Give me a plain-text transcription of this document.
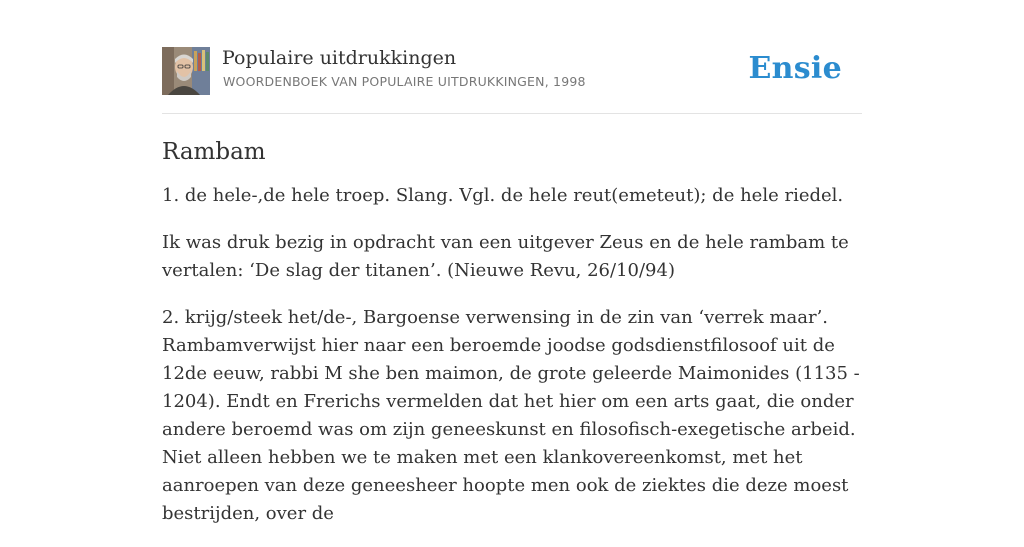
Populaire uitdrukkingen
WOORDENBOEK VAN POPULAIRE UITDRUKKINGEN, 1998	Ensie
Rambam

1. de hele-,de hele troep. Slang. Vgl. de hele reut(emeteut); de hele riedel.

Ik was druk bezig in opdracht van een uitgever Zeus en de hele rambam te vertalen: ‘De slag der titanen’. (Nieuwe Revu, 26/10/94)

2. krijg/steek het/de-, Bargoense verwensing in de zin van ‘verrek maar’. Rambamverwijst hier naar een beroemde joodse godsdienstfilosoof uit de 12de eeuw, rabbi M she ben maimon, de grote geleerde Maimonides (1135 - 1204). Endt en Frerichs vermelden dat het hier om een arts gaat, die onder andere beroemd was om zijn geneeskunst en filosofisch-exegetische arbeid. Niet alleen hebben we te maken met een klankovereenkomst, met het aanroepen van deze geneesheer hoopte men ook de ziektes die deze moest bestrijden, over de
